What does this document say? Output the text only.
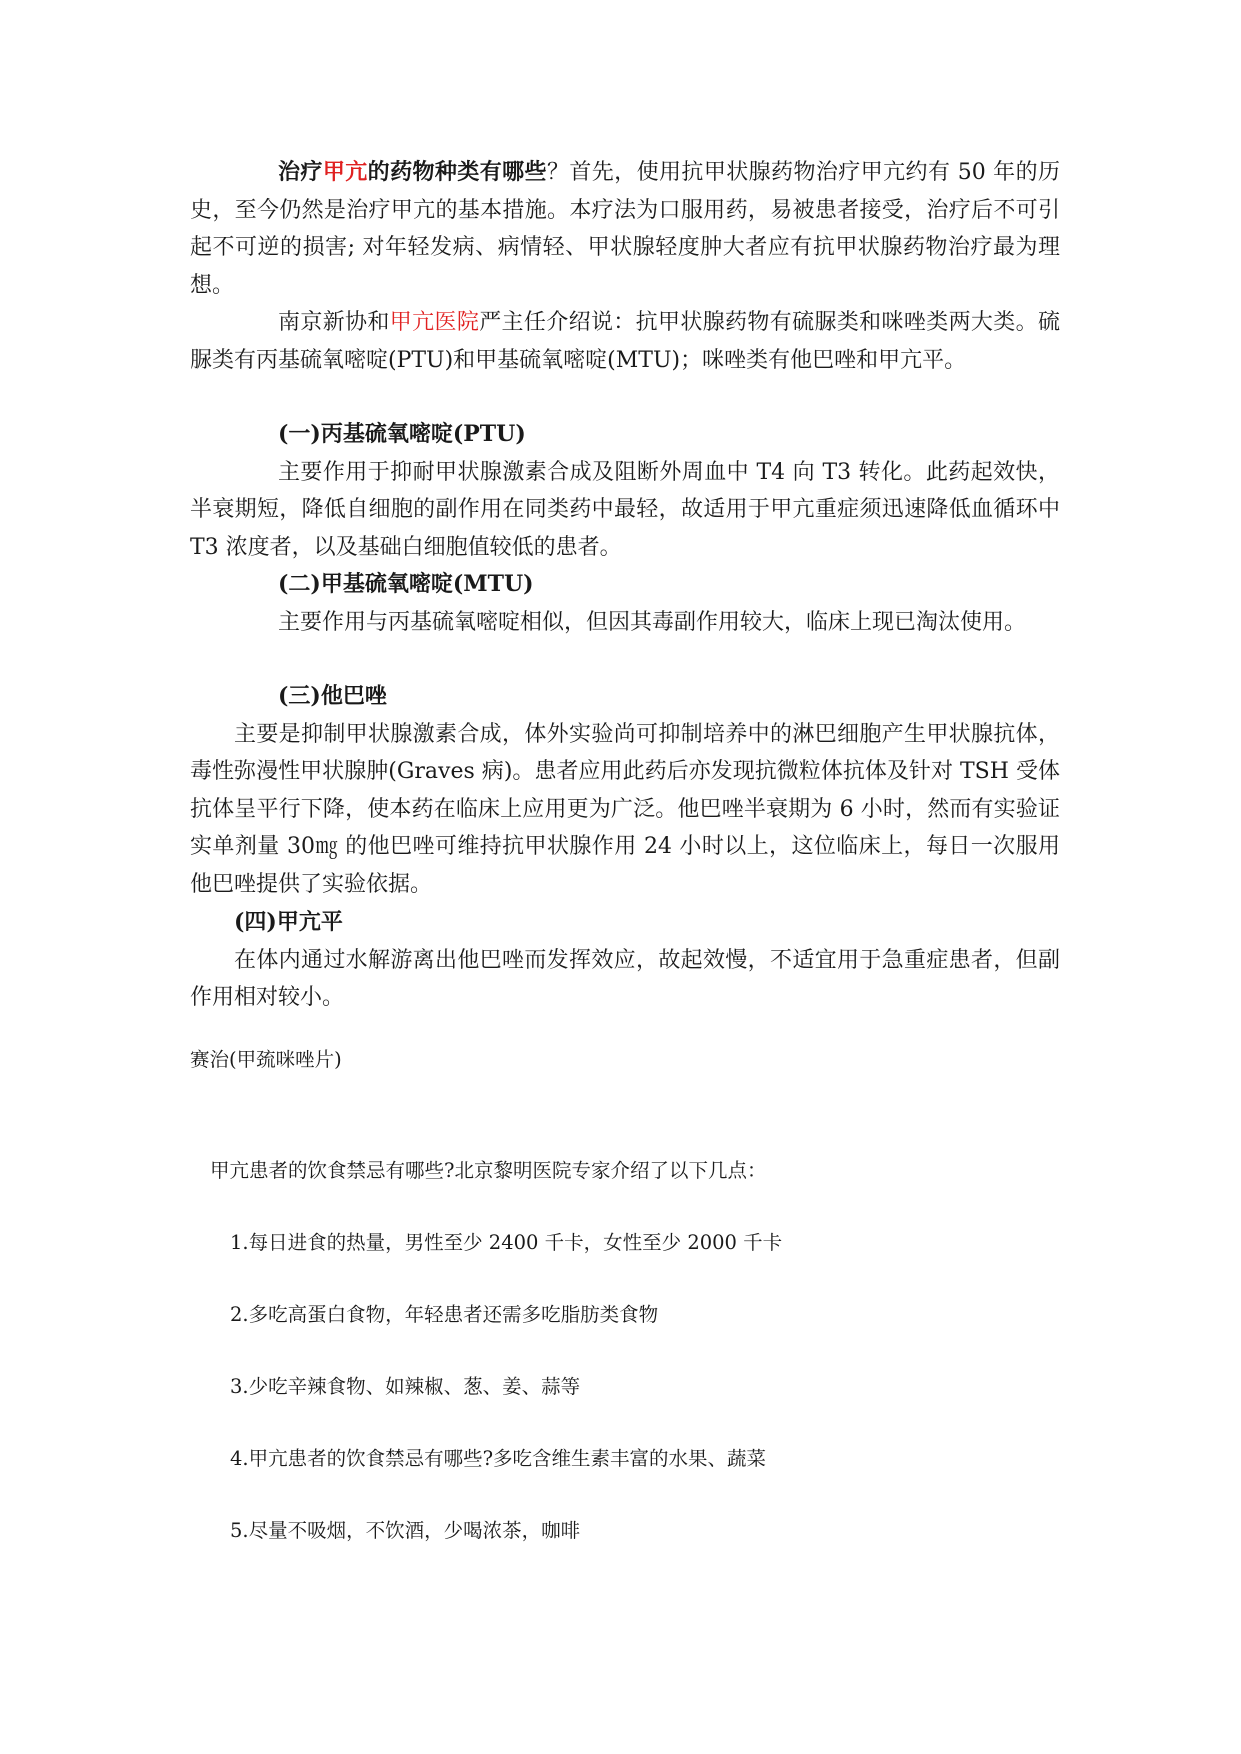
治疗甲亢的药物种类有哪些？首先，使用抗甲状腺药物治疗甲亢约有 50 年的历史，至今仍然是治疗甲亢的基本措施。本疗法为口服用药，易被患者接受，治疗后不可引起不可逆的损害; 对年轻发病、病情轻、甲状腺轻度肿大者应有抗甲状腺药物治疗最为理想。

南京新协和甲亢医院严主任介绍说：抗甲状腺药物有硫脲类和咪唑类两大类。硫脲类有丙基硫氧嘧啶(PTU)和甲基硫氧嘧啶(MTU)；咪唑类有他巴唑和甲亢平。

(一)丙基硫氧嘧啶(PTU)

主要作用于抑耐甲状腺激素合成及阻断外周血中 T4 向 T3 转化。此药起效快，半衰期短，降低自细胞的副作用在同类药中最轻，故适用于甲亢重症须迅速降低血循环中 T3 浓度者，以及基础白细胞值较低的患者。

(二)甲基硫氧嘧啶(MTU)

主要作用与丙基硫氧嘧啶相似，但因其毒副作用较大，临床上现已淘汰使用。

(三)他巴唑

主要是抑制甲状腺激素合成，体外实验尚可抑制培养中的淋巴细胞产生甲状腺抗体，毒性弥漫性甲状腺肿(Graves 病)。患者应用此药后亦发现抗微粒体抗体及针对 TSH 受体抗体呈平行下降，使本药在临床上应用更为广泛。他巴唑半衰期为 6 小时，然而有实验证实单剂量 30㎎ 的他巴唑可维持抗甲状腺作用 24 小时以上，这位临床上，每日一次服用他巴唑提供了实验依据。

(四)甲亢平

在体内通过水解游离出他巴唑而发挥效应，故起效慢，不适宜用于急重症患者，但副作用相对较小。

赛治(甲巯咪唑片)

甲亢患者的饮食禁忌有哪些?北京黎明医院专家介绍了以下几点：

1.每日进食的热量，男性至少 2400 千卡，女性至少 2000 千卡

2.多吃高蛋白食物，年轻患者还需多吃脂肪类食物

3.少吃辛辣食物、如辣椒、葱、姜、蒜等

4.甲亢患者的饮食禁忌有哪些?多吃含维生素丰富的水果、蔬菜

5.尽量不吸烟，不饮酒，少喝浓茶，咖啡
